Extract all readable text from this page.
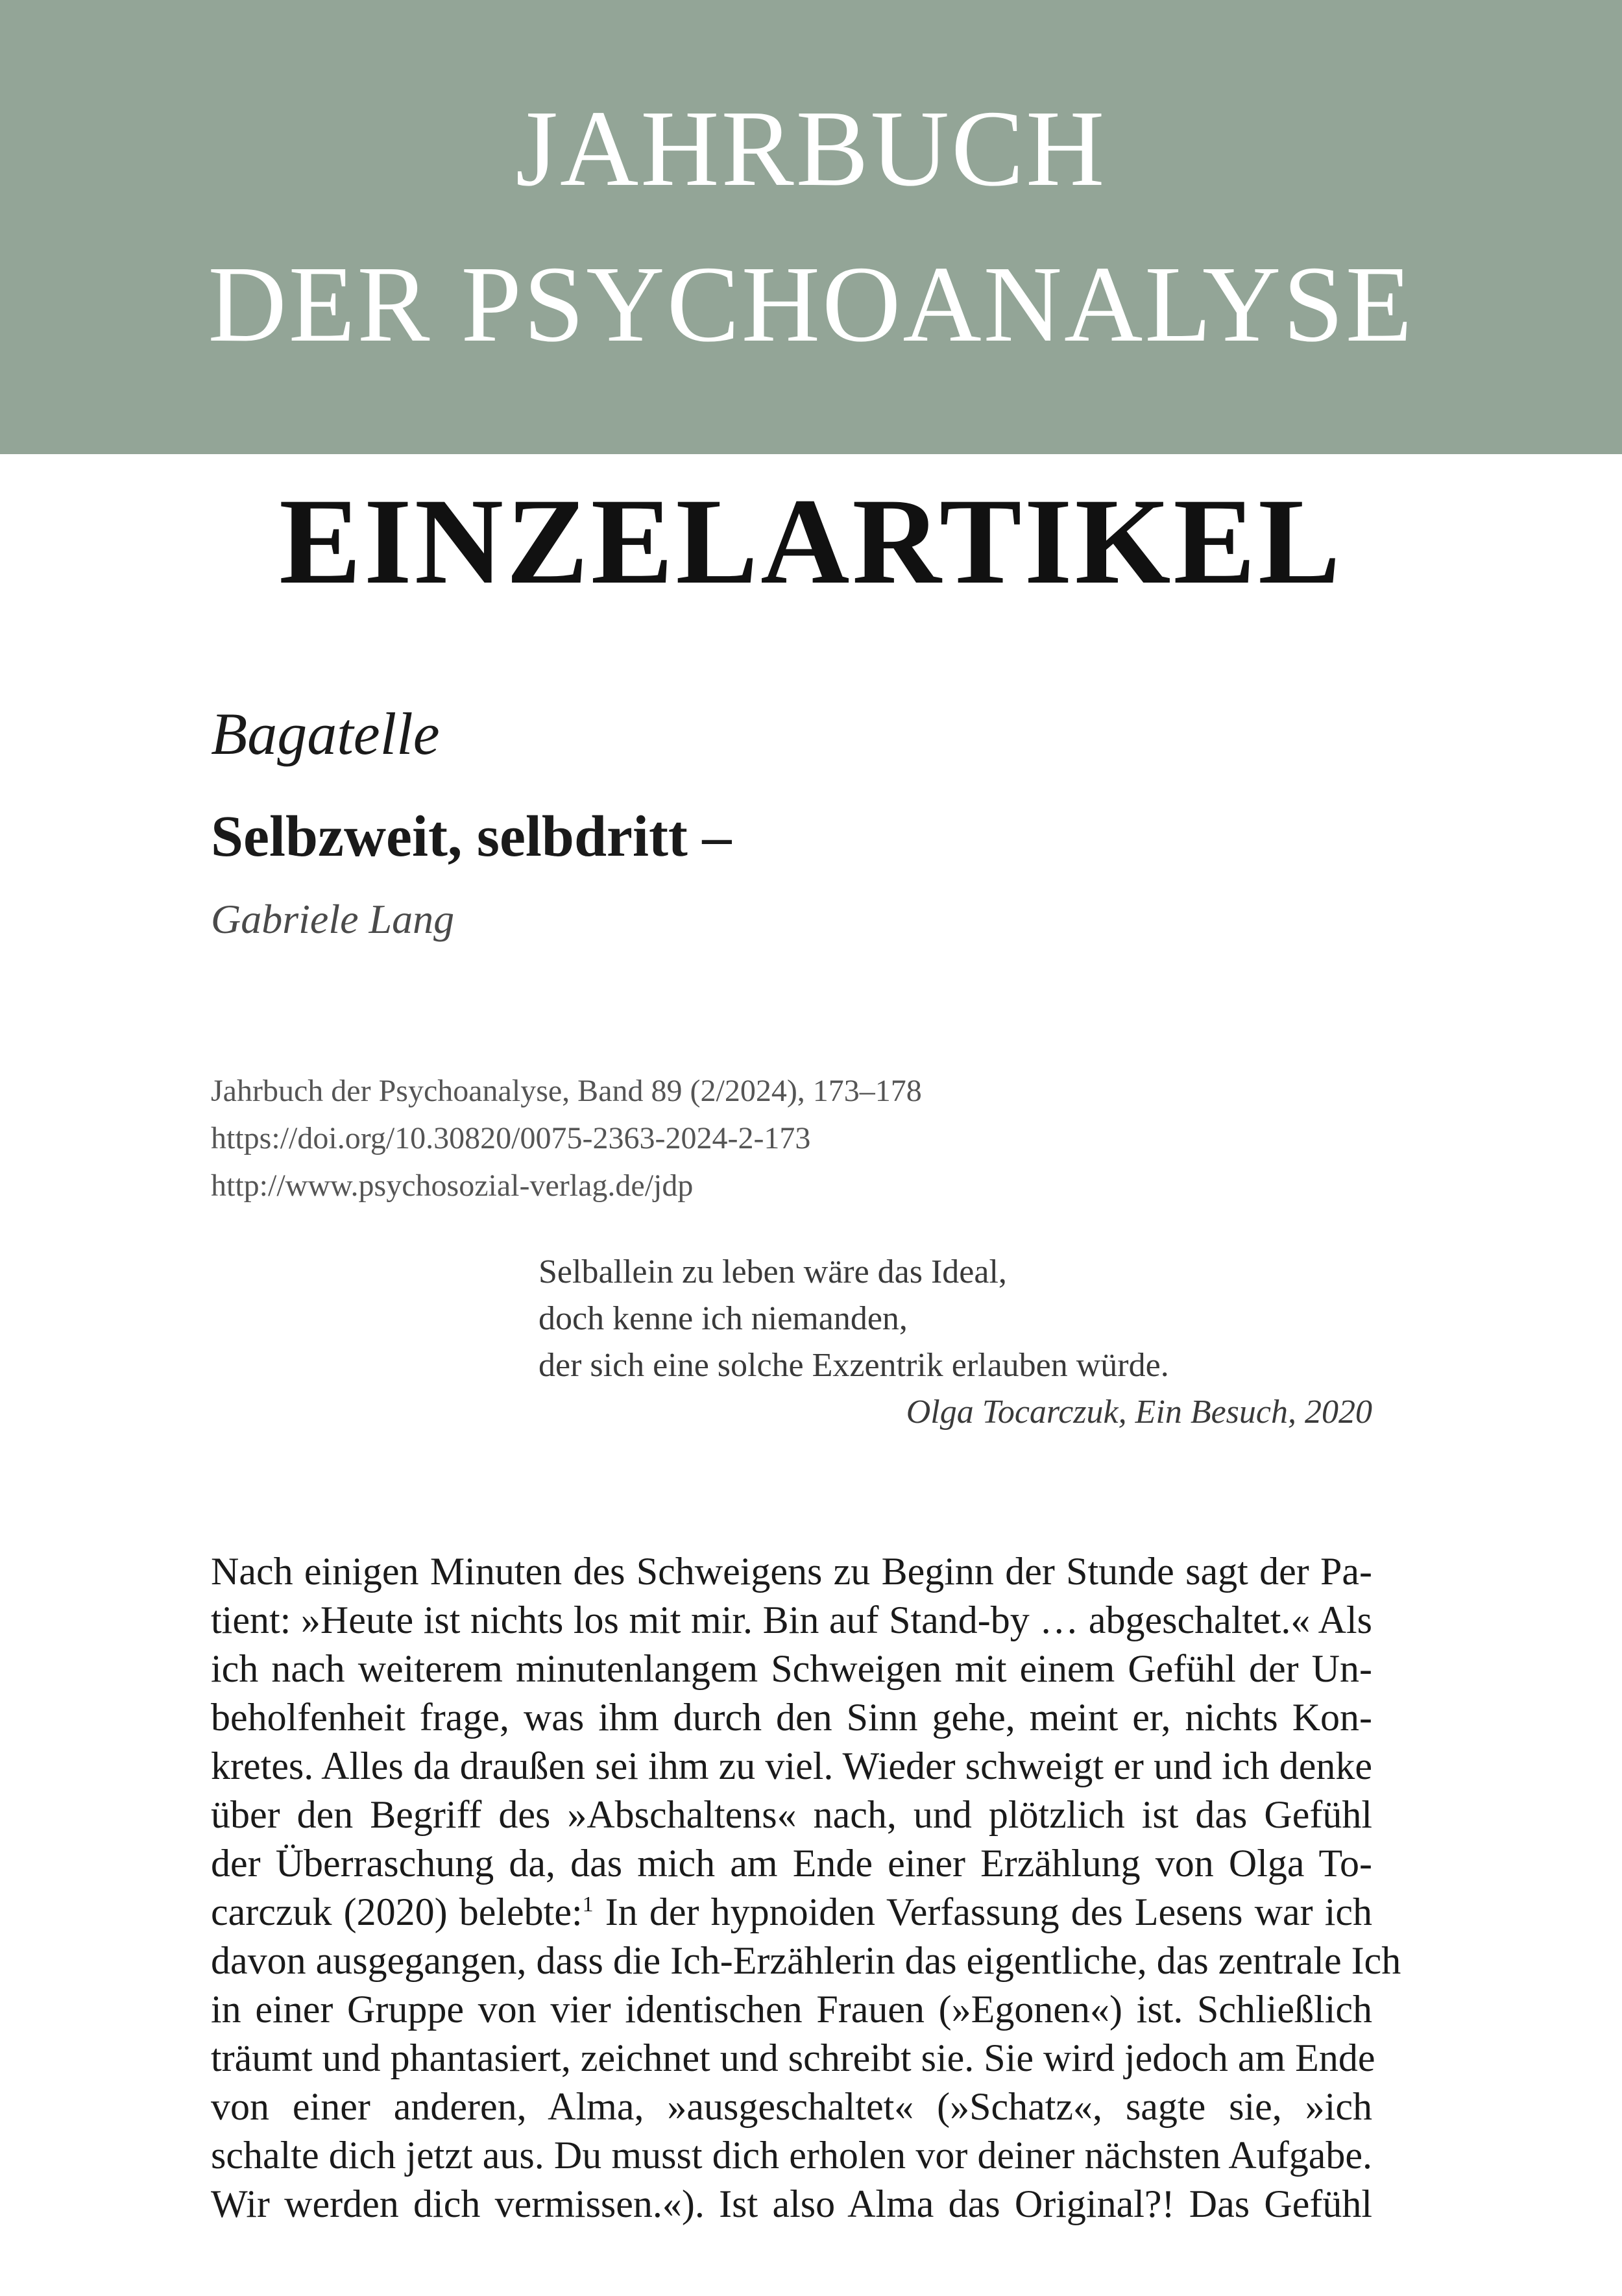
JAHRBUCH
DER PSYCHOANALYSE
EINZELARTIKEL
Bagatelle
Selbzweit, selbdritt –
Gabriele Lang
Jahrbuch der Psychoanalyse, Band 89 (2/2024), 173–178
https://doi.org/10.30820/0075-2363-2024-2-173
http://www.psychosozial-verlag.de/jdp
Selballein zu leben wäre das Ideal,
doch kenne ich niemanden,
der sich eine solche Exzentrik erlauben würde.
Olga Tocarczuk, Ein Besuch, 2020
Nach einigen Minuten des Schweigens zu Beginn der Stunde sagt der Pa-
tient: »Heute ist nichts los mit mir. Bin auf Stand-by … abgeschaltet.« Als
ich nach weiterem minutenlangem Schweigen mit einem Gefühl der Un-
beholfenheit frage, was ihm durch den Sinn gehe, meint er, nichts Kon-
kretes. Alles da draußen sei ihm zu viel. Wieder schweigt er und ich denke
über den Begriff des »Abschaltens« nach, und plötzlich ist das Gefühl
der Überraschung da, das mich am Ende einer Erzählung von Olga To-
carczuk (2020) belebte:$^1$ In der hypnoiden Verfassung des Lesens war ich
davon ausgegangen, dass die Ich-Erzählerin das eigentliche, das zentrale Ich
in einer Gruppe von vier identischen Frauen (»Egonen«) ist. Schließlich
träumt und phantasiert, zeichnet und schreibt sie. Sie wird jedoch am Ende
von einer anderen, Alma, »ausgeschaltet« (»Schatz«, sagte sie, »ich
schalte dich jetzt aus. Du musst dich erholen vor deiner nächsten Aufgabe.
Wir werden dich vermissen.«). Ist also Alma das Original?! Das Gefühl
